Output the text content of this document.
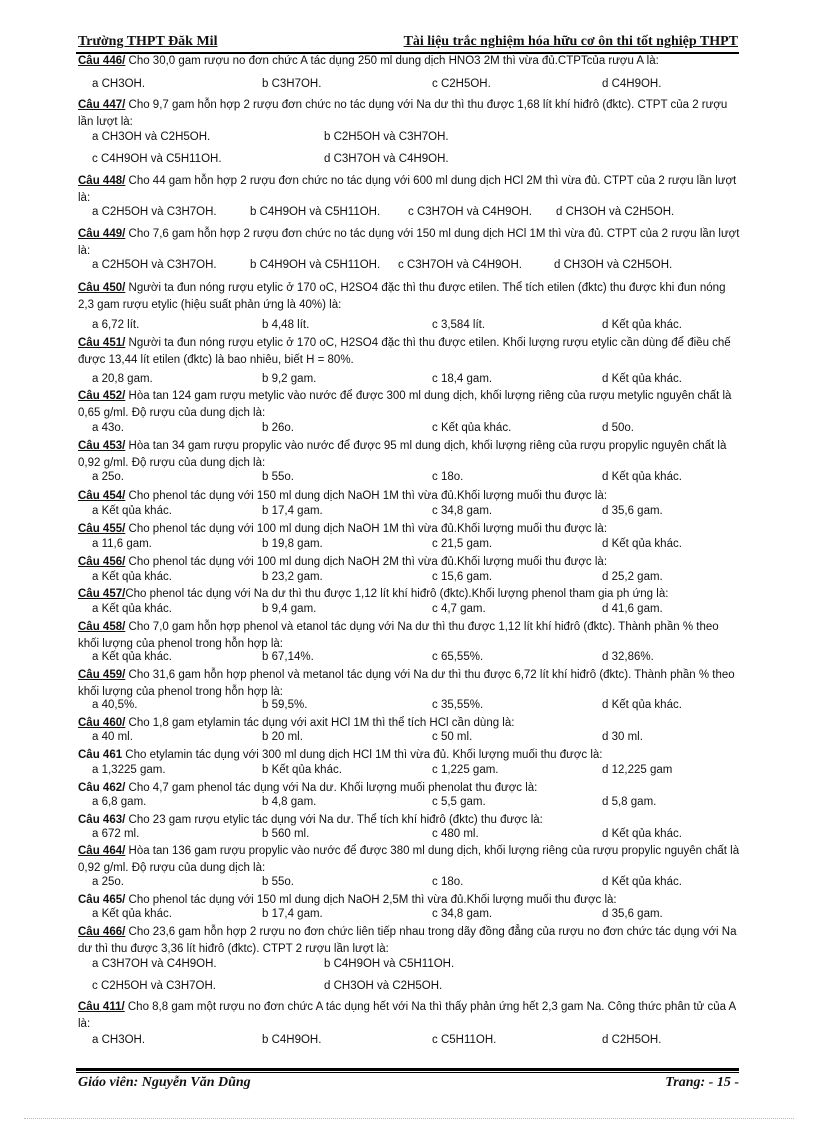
Trường THPT Đăk Mil	Tài liệu trắc nghiệm hóa hữu cơ ôn thi tốt nghiệp THPT
Câu 446/ Cho 30,0 gam rượu no đơn chức A tác dụng 250 ml dung dịch HNO3 2M thì vừa đủ.CTPTcủa rượu A là:
a CH3OH.	b C3H7OH.	c C2H5OH.	d C4H9OH.
Câu 447/ Cho 9,7 gam hỗn hợp 2 rượu đơn chức no tác dụng với Na dư thì thu được 1,68 lít khí hiđrô (đktc). CTPT của 2 rượu lần lượt là:
a CH3OH và C2H5OH.	b C2H5OH và C3H7OH.
c C4H9OH và C5H11OH.	d C3H7OH và C4H9OH.
Câu 448/ Cho 44 gam hỗn hợp 2 rượu đơn chức no tác dụng với 600 ml dung dịch HCl 2M thì vừa đủ. CTPT của 2 rượu lần lượt là:
a C2H5OH và C3H7OH.	b C4H9OH và C5H11OH. c C3H7OH và C4H9OH. d CH3OH và C2H5OH.
Câu 449/ Cho 7,6 gam hỗn hợp 2 rượu đơn chức no tác dụng với 150 ml dung dịch HCl 1M thì vừa đủ. CTPT của 2 rượu lần lượt là:
a C2H5OH và C3H7OH.	b C4H9OH và C5H11OH. c C3H7OH và C4H9OH.	d CH3OH và C2H5OH.
Câu 450/ Người ta đun nóng rượu etylic ở 170 oC, H2SO4 đặc thì thu được etilen. Thể tích etilen (đktc) thu được khi đun nóng 2,3 gam rượu etylic (hiệu suất phản ứng là 40%) là:
a 6,72 lít.	b 4,48 lít.	c 3,584 lít.	d Kết qủa khác.
Câu 451/ Người ta đun nóng rượu etylic ở 170 oC, H2SO4 đặc thì thu được etilen. Khối lượng rượu etylic cần dùng để điều chế được 13,44 lít etilen (đktc) là bao nhiêu, biết H = 80%.
a 20,8 gam.	b 9,2 gam.	c 18,4 gam.	d Kết qủa khác.
Câu 452/ Hòa tan 124 gam rượu metylic vào nước để được 300 ml dung dịch, khối lượng riêng của rượu metylic nguyên chất là 0,65 g/ml. Độ rượu của dung dịch là:
a 43o.	b 26o.	c Kết qủa khác.	d 50o.
Câu 453/ Hòa tan 34 gam rượu propylic vào nước để được 95 ml dung dịch, khối lượng riêng của rượu propylic nguyên chất là 0,92 g/ml. Độ rượu của dung dịch là:
a 25o.	b 55o.	c 18o.	d Kết qủa khác.
Câu 454/ Cho phenol tác dụng với 150 ml dung dịch NaOH 1M thì vừa đủ.Khối lượng muối thu được là:
a Kết qủa khác.	b 17,4 gam.	c 34,8 gam.	d 35,6 gam.
Câu 455/ Cho phenol tác dụng với 100 ml dung dịch NaOH 1M thì vừa đủ.Khối lượng muối thu được là:
a 11,6 gam.	b 19,8 gam.	c 21,5 gam.	d Kết qủa khác.
Câu 456/ Cho phenol tác dụng với 100 ml dung dịch NaOH 2M thì vừa đủ.Khối lượng muối thu được là:
a Kết qủa khác.	b 23,2 gam.	c 15,6 gam.	d 25,2 gam.
Câu 457/Cho phenol tác dụng với Na dư thì thu được 1,12 lít khí hiđrô (đktc).Khối lượng phenol tham gia ph ứng là:
a Kết qủa khác.	b 9,4 gam.	c 4,7 gam.	d 41,6 gam.
Câu 458/ Cho 7,0 gam hỗn hợp phenol và etanol tác dụng với Na dư thì thu được 1,12 lít khí hiđrô (đktc). Thành phần % theo khối lượng của phenol trong hỗn hợp là:
a Kết qủa khác.	b 67,14%.	c 65,55%.	d 32,86%.
Câu 459/ Cho 31,6 gam hỗn hợp phenol và metanol tác dụng với Na dư thì thu được 6,72 lít khí hiđrô (đktc). Thành phần % theo khối lượng của phenol trong hỗn hợp là:
a 40,5%.	b 59,5%.	c 35,55%.	d Kết qủa khác.
Câu 460/ Cho 1,8 gam etylamin tác dụng với axit HCl 1M thì thể tích HCl cần dùng là:
a 40 ml.	b 20 ml.	c 50 ml.	d 30 ml.
Câu 461 Cho etylamin tác dụng với 300 ml dung dịch HCl 1M thì vừa đủ. Khối lượng muối thu được là:
a 1,3225 gam.	b Kết qủa khác.	c 1,225 gam.	d 12,225 gam
Câu 462/ Cho 4,7 gam phenol tác dụng với Na dư. Khối lượng muối phenolat thu được là:
a 6,8 gam.	b 4,8 gam.	c 5,5 gam.	d 5,8 gam.
Câu 463/ Cho 23 gam rượu etylic tác dụng với Na dư. Thể tích khí hiđrô (đktc) thu được là:
a 672 ml.	b 560 ml.	c 480 ml.	d Kết qủa khác.
Câu 464/ Hòa tan 136 gam rượu propylic vào nước để được 380 ml dung dịch, khối lượng riêng của rượu propylic nguyên chất là 0,92 g/ml. Độ rượu của dung dịch là:
a 25o.	b 55o.	c 18o.	d Kết qủa khác.
Câu 465/ Cho phenol tác dụng với 150 ml dung dịch NaOH 2,5M thì vừa đủ.Khối lượng muối thu được là:
a Kết qủa khác.	b 17,4 gam.	c 34,8 gam.	d 35,6 gam.
Câu 466/ Cho 23,6 gam hỗn hợp 2 rượu no đơn chức liên tiếp nhau trong dãy đồng đẳng của rượu no đơn chức tác dụng với Na dư thì thu được 3,36 lít hiđrô (đktc). CTPT 2 rượu lần lượt là:
a C3H7OH và C4H9OH.	b C4H9OH và C5H11OH.
c C2H5OH và C3H7OH.	d CH3OH và C2H5OH.
Câu 411/ Cho 8,8 gam một rượu no đơn chức A tác dụng hết với Na thì thấy phản ứng hết 2,3 gam Na. Công thức phân tử của A là:
a CH3OH.	b C4H9OH.	c C5H11OH.	d C2H5OH.
Giáo viên: Nguyễn Văn Dũng	Trang: - 15 -
